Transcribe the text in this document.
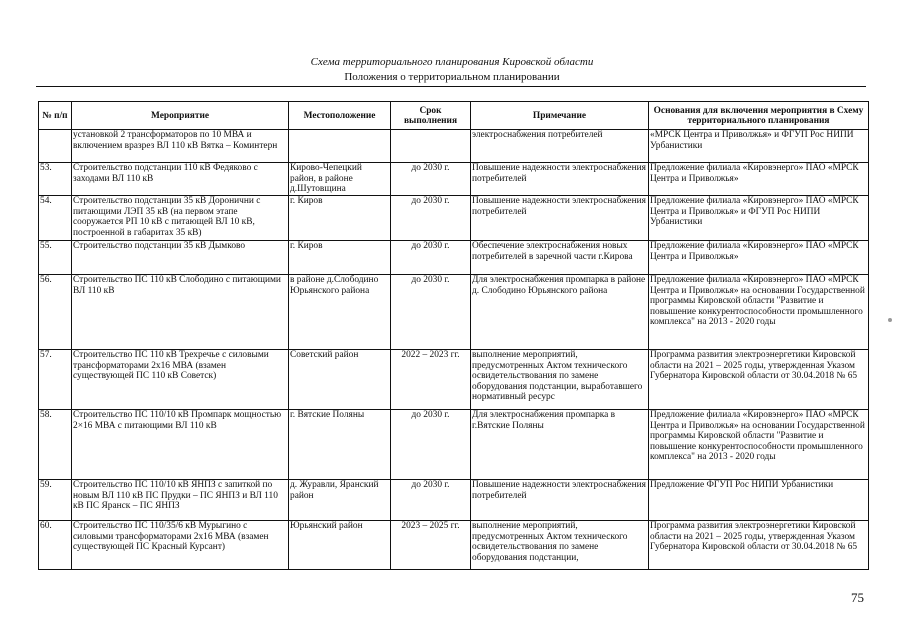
Схема территориального планирования Кировской области
Положения о территориальном планировании
№ п/п	Мероприятие	Местоположение	Срок выполнения	Примечание	Основания для включения мероприятия в Схему территориального планирования
	установкой 2 трансформаторов по 10 МВА и включением вразрез ВЛ 110 кВ Вятка – Коминтерн			электроснабжения потребителей	«МРСК Центра и Приволжья» и ФГУП Рос НИПИ Урбанистики
53.	Строительство подстанции 110 кВ Федяково с заходами ВЛ 110 кВ	Кирово-Чепецкий район, в районе д.Шутовщина	до 2030 г.	Повышение надежности электроснабжения потребителей	Предложение филиала «Кировэнерго» ПАО «МРСК Центра и Приволжья»
54.	Строительство подстанции 35 кВ Доронични с питающими ЛЭП 35 кВ (на первом этапе сооружается РП 10 кВ с питающей ВЛ 10 кВ, построенной в габаритах 35 кВ)	г. Киров	до 2030 г.	Повышение надежности электроснабжения потребителей	Предложение филиала «Кировэнерго» ПАО «МРСК Центра и Приволжья» и ФГУП Рос НИПИ Урбанистики
55.	Строительство подстанции 35 кВ Дымково	г. Киров	до 2030 г.	Обеспечение электроснабжения новых потребителей в заречной части г.Кирова	Предложение филиала «Кировэнерго» ПАО «МРСК Центра и Приволжья»
56.	Строительство ПС 110 кВ Слободино с питающими ВЛ 110 кВ	в районе д.Слободино Юрьянского района	до 2030 г.	Для электроснабжения промпарка в районе д. Слободино Юрьянского района	Предложение филиала «Кировэнерго» ПАО «МРСК Центра и Приволжья» на основании Государственной программы Кировской области "Развитие и повышение конкурентоспособности промышленного комплекса" на 2013 - 2020 годы
57.	Строительство ПС 110 кВ Трехречье с силовыми трансформаторами 2x16 МВА (взамен существующей ПС 110 кВ Советск)	Советский район	2022 – 2023 гг.	выполнение мероприятий, предусмотренных Актом технического освидетельствования по замене оборудования подстанции, выработавшего нормативный ресурс	Программа развития электроэнергетики Кировской области на 2021 – 2025 годы, утвержденная Указом Губернатора Кировской области от 30.04.2018 № 65
58.	Строительство ПС 110/10 кВ Промпарк мощностью 2×16 МВА с питающими ВЛ 110 кВ	г. Вятские Поляны	до 2030 г.	Для электроснабжения промпарка в г.Вятские Поляны	Предложение филиала «Кировэнерго» ПАО «МРСК Центра и Приволжья» на основании Государственной программы Кировской области "Развитие и повышение конкурентоспособности промышленного комплекса" на 2013 - 2020 годы
59.	Строительство ПС 110/10 кВ ЯНПЗ с запиткой по новым ВЛ 110 кВ ПС Прудки – ПС ЯНПЗ и ВЛ 110 кВ ПС Яранск – ПС ЯНПЗ	д. Журавли, Яранский район	до 2030 г.	Повышение надежности электроснабжения потребителей	Предложение ФГУП Рос НИПИ Урбанистики
60.	Строительство ПС 110/35/6 кВ Мурыгино с силовыми трансформаторами 2x16 МВА (взамен существующей ПС Красный Курсант)	Юрьянский район	2023 – 2025 гг.	выполнение мероприятий, предусмотренных Актом технического освидетельствования по замене оборудования подстанции,	Программа развития электроэнергетики Кировской области на 2021 – 2025 годы, утвержденная Указом Губернатора Кировской области от 30.04.2018 № 65
75
